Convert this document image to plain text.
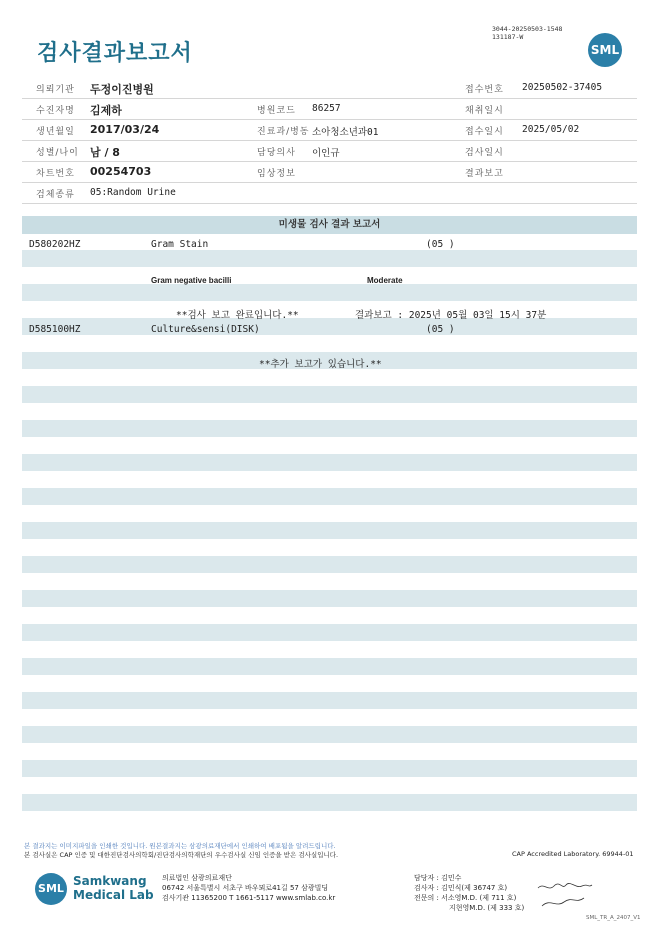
검사결과보고서
3044-20250503-1548
131187-W
SML
의뢰기관 두정이진병원	접수번호 20250502-37405
수진자명 김제하	병원코드 86257	채취일시
생년월일 2017/03/24	진료과/병동 소아청소년과01	접수일시 2025/05/02
성별/나이 남 / 8	담당의사 이인규	검사일시
차트번호 00254703	임상정보	결과보고
검체종류 05:Random Urine
미생물 검사 결과 보고서
D580202HZ	Gram Stain	(05 )
Gram negative bacilli	Moderate
**검사 보고 완료입니다.**	결과보고 : 2025년 05월 03일 15시 37분
D585100HZ	Culture&sensi(DISK)	(05 )
**추가 보고가 있습니다.**
본 결과지는 이미지파일을 인쇄한 것입니다. 원본결과지는 삼광의료재단에서 인쇄하여 배포됨을 알려드립니다.
본 검사실은 CAP 인증 및 대한진단검사의학회/진단검사의학재단의 우수검사실 신임 인증을 받은 검사실입니다.	CAP Accredited Laboratory. 69944-01
SML
Samkwang
Medical Lab
의료법인 삼광의료재단
06742 서울특별시 서초구 바우뫼로41길 57 삼광빌딩
검사기관 11365200 T 1661-5117 www.smlab.co.kr
담당자 : 김민수
검사자 : 김민식(제 36747 호)
전문의 : 서소영M.D. (제 711 호)
지현영M.D. (제 333 호)
SML_TR_A_2407_V1
